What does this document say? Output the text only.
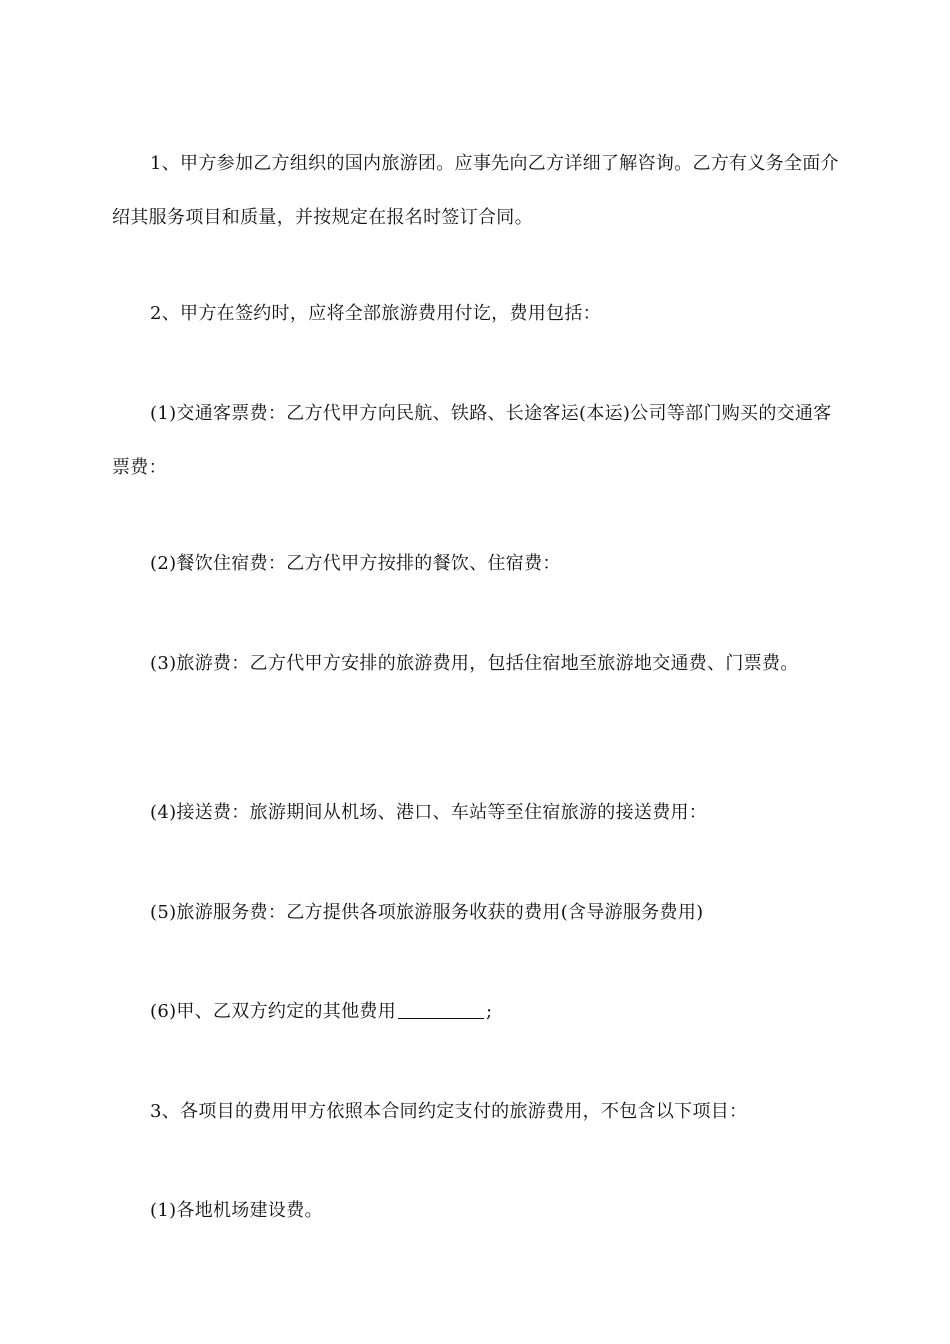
1、甲方参加乙方组织的国内旅游团。应事先向乙方详细了解咨询。乙方有义务全面介绍其服务项目和质量，并按规定在报名时签订合同。

2、甲方在签约时，应将全部旅游费用付讫，费用包括：

(1)交通客票费：乙方代甲方向民航、铁路、长途客运(本运)公司等部门购买的交通客票费：

(2)餐饮住宿费：乙方代甲方按排的餐饮、住宿费：

(3)旅游费：乙方代甲方安排的旅游费用，包括住宿地至旅游地交通费、门票费。

(4)接送费：旅游期间从机场、港口、车站等至住宿旅游的接送费用：

(5)旅游服务费：乙方提供各项旅游服务收获的费用(含导游服务费用)

(6)甲、乙双方约定的其他费用	;

3、各项目的费用甲方依照本合同约定支付的旅游费用，不包含以下项目：

(1)各地机场建设费。
